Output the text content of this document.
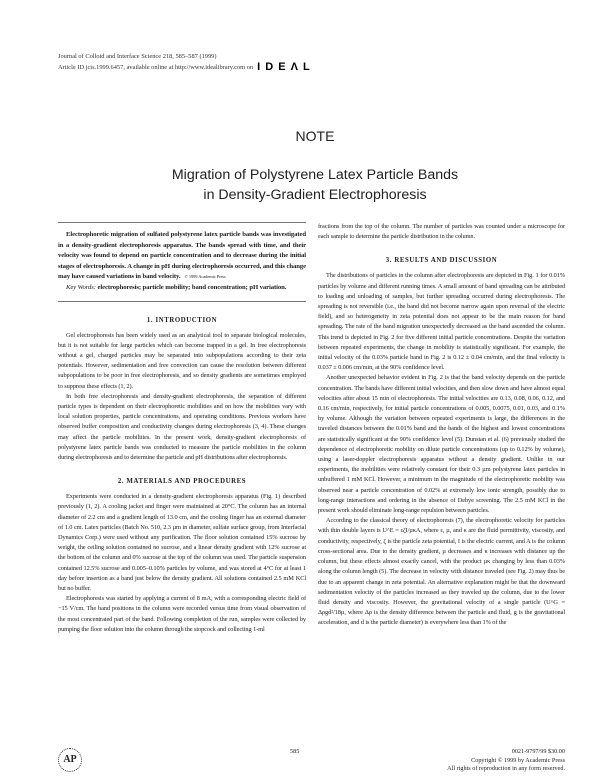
Journal of Colloid and Interface Science 218, 585–587 (1999)
Article ID jcis.1999.6457, available online at http://www.idealibrary.com on I D E Λ L
NOTE
Migration of Polystyrene Latex Particle Bands
in Density-Gradient Electrophoresis
Electrophoretic migration of sulfated polystyrene latex particle bands was investigated in a density-gradient electrophoresis apparatus. The bands spread with time, and their velocity was found to depend on particle concentration and to decrease during the initial stages of electrophoresis. A change in pH during electrophoresis occurred, and this change may have caused variations in band velocity. © 1999 Academic Press
Key Words: electrophoresis; particle mobility; band concentration; pH variation.
1. INTRODUCTION

Gel electrophoresis has been widely used as an analytical tool to separate biological molecules, but it is not suitable for large particles which can become trapped in a gel. In free electrophoresis without a gel, charged particles may be separated into subpopulations according to their zeta potentials. However, sedimentation and free convection can cause the resolution between different subpopulations to be poor in free electrophoresis, and so density gradients are sometimes employed to suppress these effects (1, 2).

In both free electrophoresis and density-gradient electrophoresis, the separation of different particle types is dependent on their electrophoretic mobilities and on how the mobilities vary with local solution properties, particle concentrations, and operating conditions. Previous workers have observed buffer composition and conductivity changes during electrophoresis (3, 4). These changes may affect the particle mobilities. In the present work, density-gradient electrophoresis of polystyrene latex particle bands was conducted to measure the particle mobilities in the column during electrophoresis and to determine the particle and pH distributions after electrophoresis.

2. MATERIALS AND PROCEDURES

Experiments were conducted in a density-gradient electrophoresis apparatus (Fig. 1) described previously (1, 2). A cooling jacket and finger were maintained at 20°C. The column has an internal diameter of 2.2 cm and a gradient length of 13.0 cm, and the cooling finger has an external diameter of 1.0 cm. Latex particles (Batch No. 510, 2.3 µm in diameter, sulfate surface group, from Interfacial Dynamics Corp.) were used without any purification. The floor solution contained 15% sucrose by weight, the ceiling solution contained no sucrose, and a linear density gradient with 12% sucrose at the bottom of the column and 0% sucrose at the top of the column was used. The particle suspension contained 12.5% sucrose and 0.005–0.10% particles by volume, and was stored at 4°C for at least 1 day before insertion as a band just below the density gradient. All solutions contained 2.5 mM KCl but no buffer.

Electrophoresis was started by applying a current of 8 mA, with a corresponding electric field of −15 V/cm. The band positions in the column were recorded versus time from visual observation of the most concentrated part of the band. Following completion of the run, samples were collected by pumping the floor solution into the column through the stopcock and collecting 1-ml

fractions from the top of the column. The number of particles was counted under a microscope for each sample to determine the particle distribution in the column.

3. RESULTS AND DISCUSSION

The distributions of particles in the column after electrophoresis are depicted in Fig. 1 for 0.01% particles by volume and different running times. A small amount of band spreading can be attributed to loading and unloading of samples, but further spreading occurred during electrophoresis. The spreading is not reversible (i.e., the band did not become narrow again upon reversal of the electric field), and so heterogeneity in zeta potential does not appear to be the main reason for band spreading. The rate of the band migration unexpectedly decreased as the band ascended the column. This trend is depicted in Fig. 2 for five different initial particle concentrations. Despite the variation between repeated experiments, the change in mobility is statistically significant. For example, the initial velocity of the 0.03% particle band in Fig. 2 is 0.12 ± 0.04 cm/min, and the final velocity is 0.037 ± 0.006 cm/min, at the 90% confidence level.

Another unexpected behavior evident in Fig. 2 is that the band velocity depends on the particle concentration. The bands have different initial velocities, and then slow down and have almost equal velocities after about 15 min of electrophoresis. The initial velocities are 0.13, 0.08, 0.06, 0.12, and 0.16 cm/min, respectively, for initial particle concentrations of 0.005, 0.0075, 0.01, 0.03, and 0.1% by volume. Although the variation between repeated experiments is large, the differences in the traveled distances between the 0.01% band and the bands of the highest and lowest concentrations are statistically significant at the 90% confidence level (5). Dunstan et al. (6) previously studied the dependence of electrophoretic mobility on dilute particle concentrations (up to 0.12% by volume), using a laser-doppler electrophoresis apparatus without a density gradient. Unlike in our experiments, the mobilities were relatively constant for their 0.3 µm polystyrene latex particles in unbuffered 1 mM KCl. However, a minimum in the magnitude of the electrophoretic mobility was observed near a particle concentration of 0.02% at extremely low ionic strength, possibly due to long-range interactions and ordering in the absence of Debye screening. The 2.5 mM KCl in the present work should eliminate long-range repulsion between particles.

According to the classical theory of electrophoresis (7), the electrophoretic velocity for particles with thin double layers is U^E = εζI/µκA, where ε, µ, and κ are the fluid permittivity, viscosity, and conductivity, respectively, ζ is the particle zeta potential, I is the electric current, and A is the column cross-sectional area. Due to the density gradient, µ decreases and κ increases with distance up the column, but these effects almost exactly cancel, with the product µκ changing by less than 0.03% along the column length (5). The decrease in velocity with distance traveled (see Fig. 2) may thus be due to an apparent change in zeta potential. An alternative explanation might be that the downward sedimentation velocity of the particles increased as they traveled up the column, due to the lower fluid density and viscosity. However, the gravitational velocity of a single particle (U^G = Δρgd²/18µ, where Δρ is the density difference between the particle and fluid, g is the gravitational acceleration, and d is the particle diameter) is everywhere less than 1% of the

AP
585	0021-9797/99 $30.00
Copyright © 1999 by Academic Press
All rights of reproduction in any form reserved.
